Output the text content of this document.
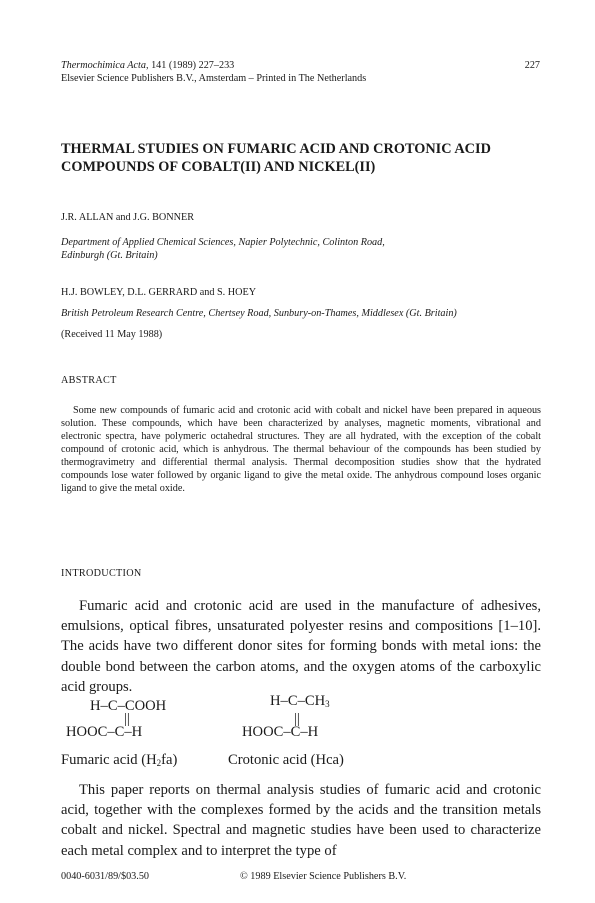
Thermochimica Acta, 141 (1989) 227–233
Elsevier Science Publishers B.V., Amsterdam – Printed in The Netherlands
227
THERMAL STUDIES ON FUMARIC ACID AND CROTONIC ACID
COMPOUNDS OF COBALT(II) AND NICKEL(II)
J.R. ALLAN and J.G. BONNER
Department of Applied Chemical Sciences, Napier Polytechnic, Colinton Road,
Edinburgh (Gt. Britain)
H.J. BOWLEY, D.L. GERRARD and S. HOEY
British Petroleum Research Centre, Chertsey Road, Sunbury-on-Thames, Middlesex (Gt. Britain)
(Received 11 May 1988)
ABSTRACT
Some new compounds of fumaric acid and crotonic acid with cobalt and nickel have been prepared in aqueous solution. These compounds, which have been characterized by analyses, magnetic moments, vibrational and electronic spectra, have polymeric octahedral structures. They are all hydrated, with the exception of the cobalt compound of crotonic acid, which is anhydrous. The thermal behaviour of the compounds has been studied by thermogravimetry and differential thermal analysis. Thermal decomposition studies show that the hydrated compounds lose water followed by organic ligand to give the metal oxide. The anhydrous compound loses organic ligand to give the metal oxide.
INTRODUCTION
Fumaric acid and crotonic acid are used in the manufacture of adhesives, emulsions, optical fibres, unsaturated polyester resins and compositions [1–10]. The acids have two different donor sites for forming bonds with metal ions: the double bond between the carbon atoms, and the oxygen atoms of the carboxylic acid groups.
H–C–COOH
||
HOOC–C–H
Fumaric acid $(H_2fa)$
$H-C-CH_3$
||
HOOC–C–H
Crotonic acid (Hca)
This paper reports on thermal analysis studies of fumaric acid and crotonic acid, together with the complexes formed by the acids and the transition metals cobalt and nickel. Spectral and magnetic studies have been used to characterize each metal complex and to interpret the type of
0040-6031/89/$03.50	© 1989 Elsevier Science Publishers B.V.
